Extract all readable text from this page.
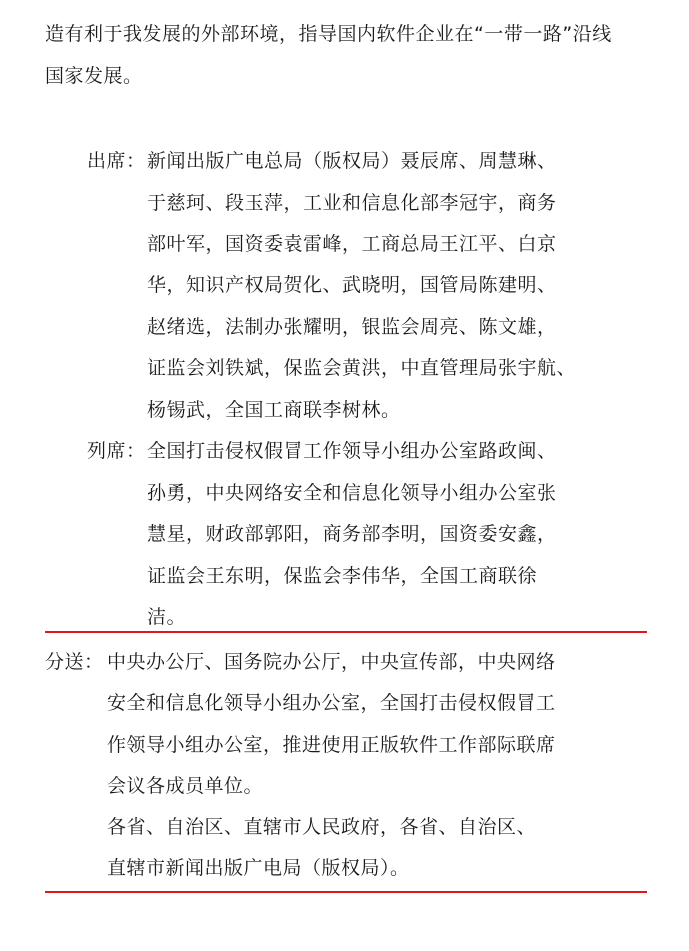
造有利于我发展的外部环境，指导国内软件企业在“一带一路”沿线
国家发展。
出席： 新闻出版广电总局（版权局）聂辰席、周慧琳、
于慈珂、段玉萍，工业和信息化部李冠宇，商务
部叶军，国资委袁雷峰，工商总局王江平、白京
华，知识产权局贺化、武晓明，国管局陈建明、
赵绪选，法制办张耀明，银监会周亮、陈文雄，
证监会刘铁斌，保监会黄洪，中直管理局张宇航、
杨锡武，全国工商联李树林。
列席： 全国打击侵权假冒工作领导小组办公室路政闽、
孙勇，中央网络安全和信息化领导小组办公室张
慧星，财政部郭阳，商务部李明，国资委安鑫，
证监会王东明，保监会李伟华，全国工商联徐
洁。
分送： 中央办公厅、国务院办公厅，中央宣传部，中央网络
安全和信息化领导小组办公室，全国打击侵权假冒工
作领导小组办公室，推进使用正版软件工作部际联席
会议各成员单位。
各省、自治区、直辖市人民政府，各省、自治区、
直辖市新闻出版广电局（版权局）。
